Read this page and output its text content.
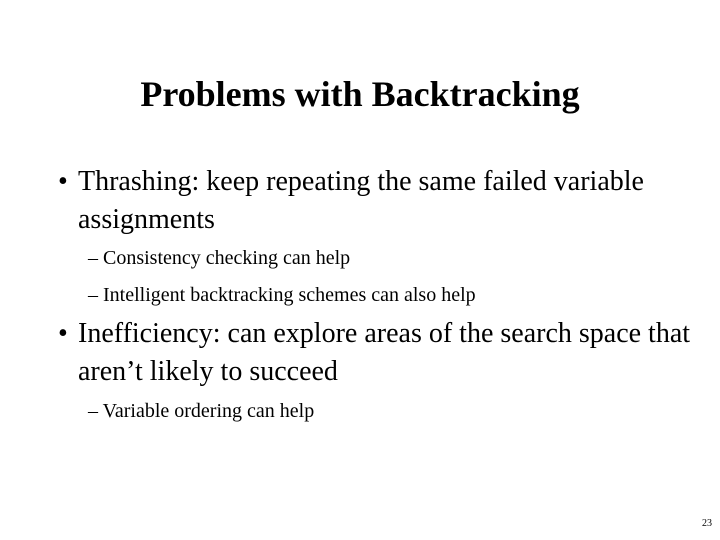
Problems with Backtracking
• Thrashing: keep repeating the same failed variable assignments
– Consistency checking can help
– Intelligent backtracking schemes can also help
• Inefficiency: can explore areas of the search space that aren’t likely to succeed
– Variable ordering can help
23
